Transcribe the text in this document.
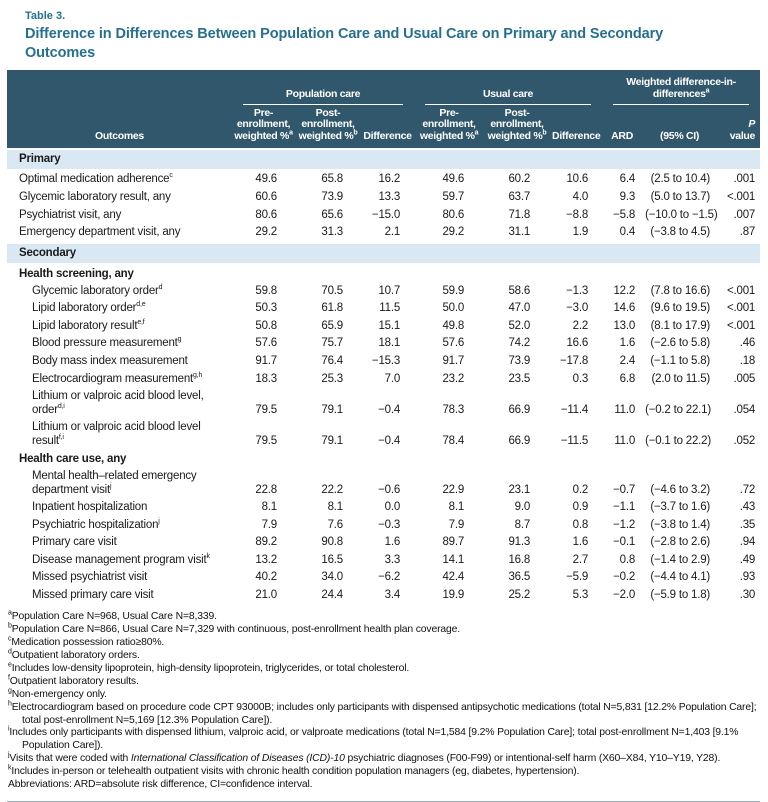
Table 3.
Difference in Differences Between Population Care and Usual Care on Primary and Secondary Outcomes

	Population care			Usual care			Weighted difference-in-differences$^a$

Outcomes	Pre-enrollment, weighted %$^a$	Post-enrollment, weighted %$^b$	Difference	Pre-enrollment, weighted %$^a$	Post-enrollment, weighted %$^b$	Difference	ARD	(95% CI)	P
value
Primary									
Optimal medication adherence$^c$	49.6	65.8	16.2	49.6	60.2	10.6	6.4	(2.5 to 10.4)	.001
Glycemic laboratory result, any	60.6	73.9	13.3	59.7	63.7	4.0	9.3	(5.0 to 13.7)	<.001
Psychiatrist visit, any	80.6	65.6	−15.0	80.6	71.8	−8.8	−5.8	(−10.0 to −1.5)	.007
Emergency department visit, any	29.2	31.3	2.1	29.2	31.1	1.9	0.4	(−3.8 to 4.5)	.87
Secondary									
Health screening, any									
Glycemic laboratory order$^d$	59.8	70.5	10.7	59.9	58.6	−1.3	12.2	(7.8 to 16.6)	<.001
Lipid laboratory order$^{d,e}$	50.3	61.8	11.5	50.0	47.0	−3.0	14.6	(9.6 to 19.5)	<.001
Lipid laboratory result$^{e,f}$	50.8	65.9	15.1	49.8	52.0	2.2	13.0	(8.1 to 17.9)	<.001
Blood pressure measurement$^g$	57.6	75.7	18.1	57.6	74.2	16.6	1.6	(−2.6 to 5.8)	.46
Body mass index measurement	91.7	76.4	−15.3	91.7	73.9	−17.8	2.4	(−1.1 to 5.8)	.18
Electrocardiogram measurement$^{g,h}$	18.3	25.3	7.0	23.2	23.5	0.3	6.8	(2.0 to 11.5)	.005
Lithium or valproic acid blood level, order$^{d,i}$	79.5	79.1	−0.4	78.3	66.9	−11.4	11.0	(−0.2 to 22.1)	.054
Lithium or valproic acid blood level result$^{f,i}$	79.5	79.1	−0.4	78.4	66.9	−11.5	11.0	(−0.1 to 22.2)	.052
Health care use, any									
Mental health–related emergency department visit$^j$	22.8	22.2	−0.6	22.9	23.1	0.2	−0.7	(−4.6 to 3.2)	.72
Inpatient hospitalization	8.1	8.1	0.0	8.1	9.0	0.9	−1.1	(−3.7 to 1.6)	.43
Psychiatric hospitalization$^j$	7.9	7.6	−0.3	7.9	8.7	0.8	−1.2	(−3.8 to 1.4)	.35
Primary care visit	89.2	90.8	1.6	89.7	91.3	1.6	−0.1	(−2.8 to 2.6)	.94
Disease management program visit$^k$	13.2	16.5	3.3	14.1	16.8	2.7	0.8	(−1.4 to 2.9)	.49
Missed psychiatrist visit	40.2	34.0	−6.2	42.4	36.5	−5.9	−0.2	(−4.4 to 4.1)	.93
Missed primary care visit	21.0	24.4	3.4	19.9	25.2	5.3	−2.0	(−5.9 to 1.8)	.30
$^a$Population Care N=968, Usual Care N=8,339.
$^b$Population Care N=866, Usual Care N=7,329 with continuous, post-enrollment health plan coverage.
$^c$Medication possession ratio≥80%.
$^d$Outpatient laboratory orders.
$^e$Includes low-density lipoprotein, high-density lipoprotein, triglycerides, or total cholesterol.
$^f$Outpatient laboratory results.
$^g$Non-emergency only.
$^h$Electrocardiogram based on procedure code CPT 93000B; includes only participants with dispensed antipsychotic medications (total N=5,831 [12.2% Population Care]; total post-enrollment N=5,169 [12.3% Population Care]).
$^i$Includes only participants with dispensed lithium, valproic acid, or valproate medications (total N=1,584 [9.2% Population Care]; total post-enrollment N=1,403 [9.1% Population Care]).
$^j$Visits that were coded with International Classification of Diseases (ICD)-10 psychiatric diagnoses (F00-F99) or intentional-self harm (X60–X84, Y10–Y19, Y28).
$^k$Includes in-person or telehealth outpatient visits with chronic health condition population managers (eg, diabetes, hypertension).
Abbreviations: ARD=absolute risk difference, CI=confidence interval.
